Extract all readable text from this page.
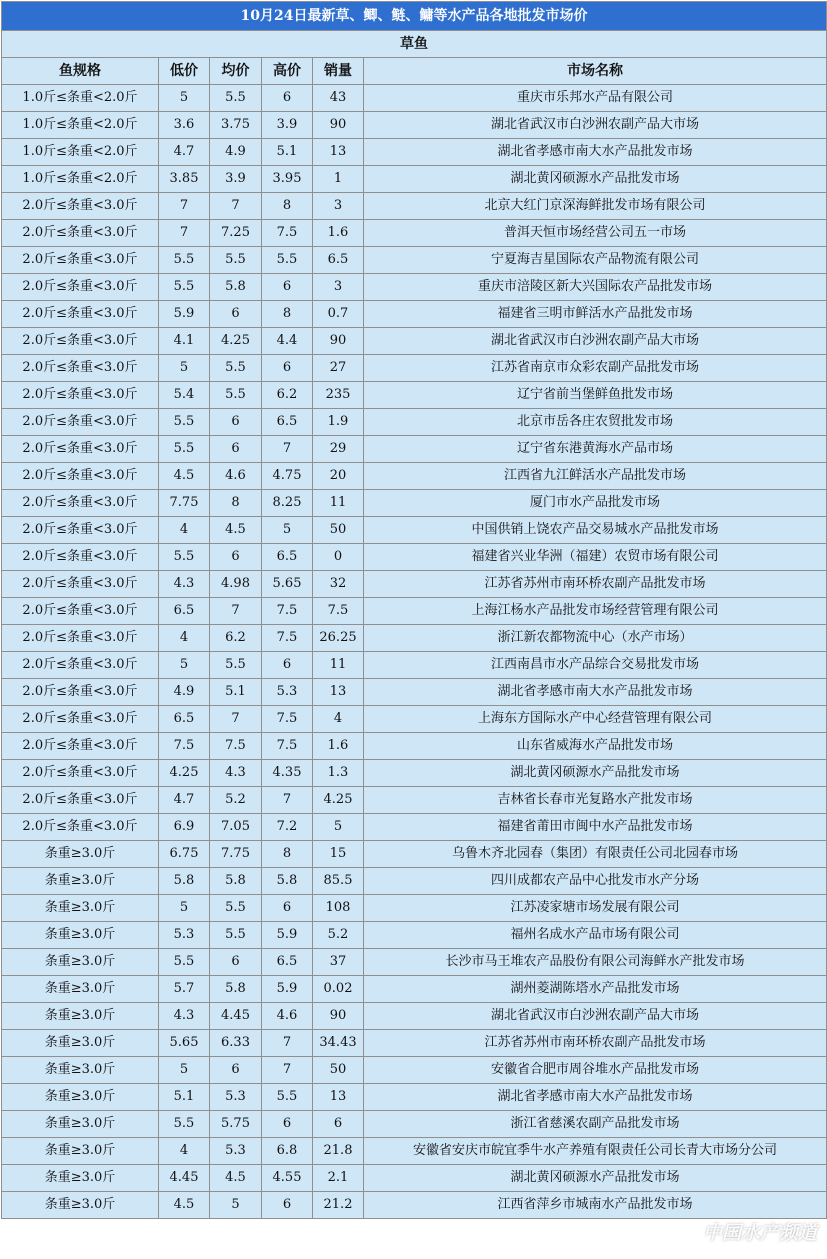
10月24日最新草、鲫、鲢、鳙等水产品各地批发市场价					
草鱼					
鱼规格	低价	均价	高价	销量	市场名称
1.0斤≤条重<2.0斤	5	5.5	6	43	重庆市乐邦水产品有限公司
1.0斤≤条重<2.0斤	3.6	3.75	3.9	90	湖北省武汉市白沙洲农副产品大市场
1.0斤≤条重<2.0斤	4.7	4.9	5.1	13	湖北省孝感市南大水产品批发市场
1.0斤≤条重<2.0斤	3.85	3.9	3.95	1	湖北黄冈硕源水产品批发市场
2.0斤≤条重<3.0斤	7	7	8	3	北京大红门京深海鲜批发市场有限公司
2.0斤≤条重<3.0斤	7	7.25	7.5	1.6	普洱天恒市场经营公司五一市场
2.0斤≤条重<3.0斤	5.5	5.5	5.5	6.5	宁夏海吉星国际农产品物流有限公司
2.0斤≤条重<3.0斤	5.5	5.8	6	3	重庆市涪陵区新大兴国际农产品批发市场
2.0斤≤条重<3.0斤	5.9	6	8	0.7	福建省三明市鲜活水产品批发市场
2.0斤≤条重<3.0斤	4.1	4.25	4.4	90	湖北省武汉市白沙洲农副产品大市场
2.0斤≤条重<3.0斤	5	5.5	6	27	江苏省南京市众彩农副产品批发市场
2.0斤≤条重<3.0斤	5.4	5.5	6.2	235	辽宁省前当堡鲜鱼批发市场
2.0斤≤条重<3.0斤	5.5	6	6.5	1.9	北京市岳各庄农贸批发市场
2.0斤≤条重<3.0斤	5.5	6	7	29	辽宁省东港黄海水产品市场
2.0斤≤条重<3.0斤	4.5	4.6	4.75	20	江西省九江鲜活水产品批发市场
2.0斤≤条重<3.0斤	7.75	8	8.25	11	厦门市水产品批发市场
2.0斤≤条重<3.0斤	4	4.5	5	50	中国供销上饶农产品交易城水产品批发市场
2.0斤≤条重<3.0斤	5.5	6	6.5	0	福建省兴业华洲（福建）农贸市场有限公司
2.0斤≤条重<3.0斤	4.3	4.98	5.65	32	江苏省苏州市南环桥农副产品批发市场
2.0斤≤条重<3.0斤	6.5	7	7.5	7.5	上海江杨水产品批发市场经营管理有限公司
2.0斤≤条重<3.0斤	4	6.2	7.5	26.25	浙江新农都物流中心（水产市场）
2.0斤≤条重<3.0斤	5	5.5	6	11	江西南昌市水产品综合交易批发市场
2.0斤≤条重<3.0斤	4.9	5.1	5.3	13	湖北省孝感市南大水产品批发市场
2.0斤≤条重<3.0斤	6.5	7	7.5	4	上海东方国际水产中心经营管理有限公司
2.0斤≤条重<3.0斤	7.5	7.5	7.5	1.6	山东省威海水产品批发市场
2.0斤≤条重<3.0斤	4.25	4.3	4.35	1.3	湖北黄冈硕源水产品批发市场
2.0斤≤条重<3.0斤	4.7	5.2	7	4.25	吉林省长春市光复路水产批发市场
2.0斤≤条重<3.0斤	6.9	7.05	7.2	5	福建省莆田市闽中水产品批发市场
条重≥3.0斤	6.75	7.75	8	15	乌鲁木齐北园春（集团）有限责任公司北园春市场
条重≥3.0斤	5.8	5.8	5.8	85.5	四川成都农产品中心批发市水产分场
条重≥3.0斤	5	5.5	6	108	江苏凌家塘市场发展有限公司
条重≥3.0斤	5.3	5.5	5.9	5.2	福州名成水产品市场有限公司
条重≥3.0斤	5.5	6	6.5	37	长沙市马王堆农产品股份有限公司海鲜水产批发市场
条重≥3.0斤	5.7	5.8	5.9	0.02	湖州菱湖陈塔水产品批发市场
条重≥3.0斤	4.3	4.45	4.6	90	湖北省武汉市白沙洲农副产品大市场
条重≥3.0斤	5.65	6.33	7	34.43	江苏省苏州市南环桥农副产品批发市场
条重≥3.0斤	5	6	7	50	安徽省合肥市周谷堆水产品批发市场
条重≥3.0斤	5.1	5.3	5.5	13	湖北省孝感市南大水产品批发市场
条重≥3.0斤	5.5	5.75	6	6	浙江省慈溪农副产品批发市场
条重≥3.0斤	4	5.3	6.8	21.8	安徽省安庆市皖宜季牛水产养殖有限责任公司长青大市场分公司
条重≥3.0斤	4.45	4.5	4.55	2.1	湖北黄冈硕源水产品批发市场
条重≥3.0斤	4.5	5	6	21.2	江西省萍乡市城南水产品批发市场
中国水产频道
